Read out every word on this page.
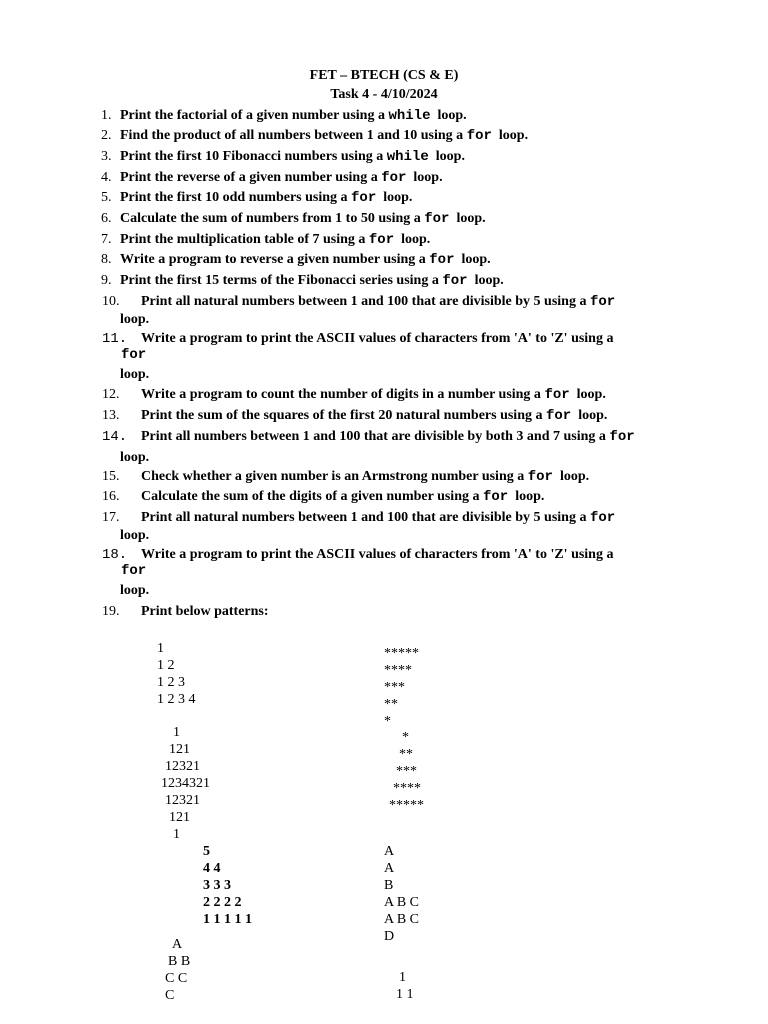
FET – BTECH (CS & E)
Task 4 - 4/10/2024
1. Print the factorial of a given number using a while  loop.
2. Find the product of all numbers between 1 and 10 using a for  loop.
3. Print the first 10 Fibonacci numbers using a while  loop.
4. Print the reverse of a given number using a for  loop.
5. Print the first 10 odd numbers using a for  loop.
6. Calculate the sum of numbers from 1 to 50 using a for  loop.
7. Print the multiplication table of 7 using a for  loop.
8. Write a program to reverse a given number using a for  loop.
9. Print the first 15 terms of the Fibonacci series using a for  loop.
10. Print all natural numbers between 1 and 100 that are divisible by 5 using a for
loop.
for
11. Write a program to print the ASCII values of characters from 'A' to 'Z' using a
loop.
12. Write a program to count the number of digits in a number using a for  loop.
13. Print the sum of the squares of the first 20 natural numbers using a for  loop.
14. Print all numbers between 1 and 100 that are divisible by both 3 and 7 using a for
loop.
15. Check whether a given number is an Armstrong number using a for  loop.
16. Calculate the sum of the digits of a given number using a for  loop.
17. Print all natural numbers between 1 and 100 that are divisible by 5 using a for
loop.
for
18. Write a program to print the ASCII values of characters from 'A' to 'Z' using a
loop.
19. Print below patterns:
1
1 2
1 2 3
1 2 3 4
*****
****
***
**
*
1
121
12321
1234321
12321
121
1
*
**
***
****
*****
5
4 4
3 3 3
2 2 2 2
1 1 1 1 1
A
A
B
A B C
A B C
D
A
B B
C C
C
1
1 1
